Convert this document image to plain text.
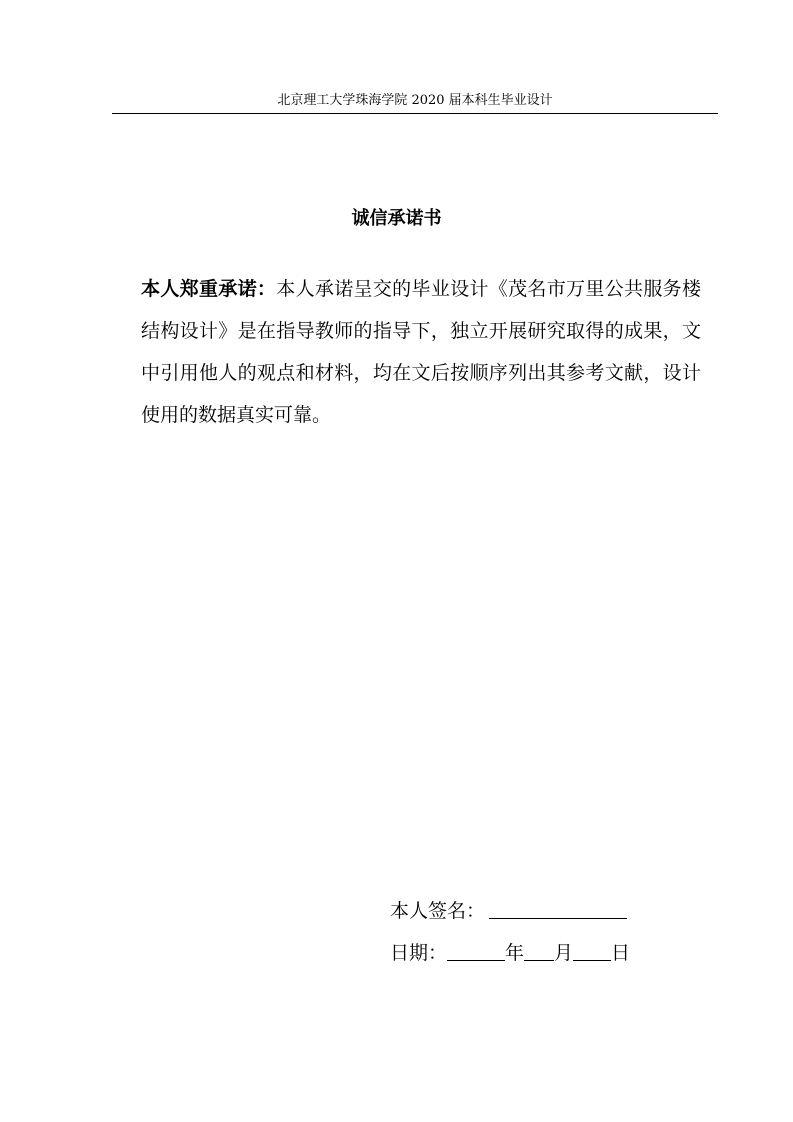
北京理工大学珠海学院 2020 届本科生毕业设计
诚信承诺书

本人郑重承诺：本人承诺呈交的毕业设计《茂名市万里公共服务楼结构设计》是在指导教师的指导下，独立开展研究取得的成果，文中引用他人的观点和材料，均在文后按顺序列出其参考文献，设计使用的数据真实可靠。

本人签名：
日期：	年 月 日
